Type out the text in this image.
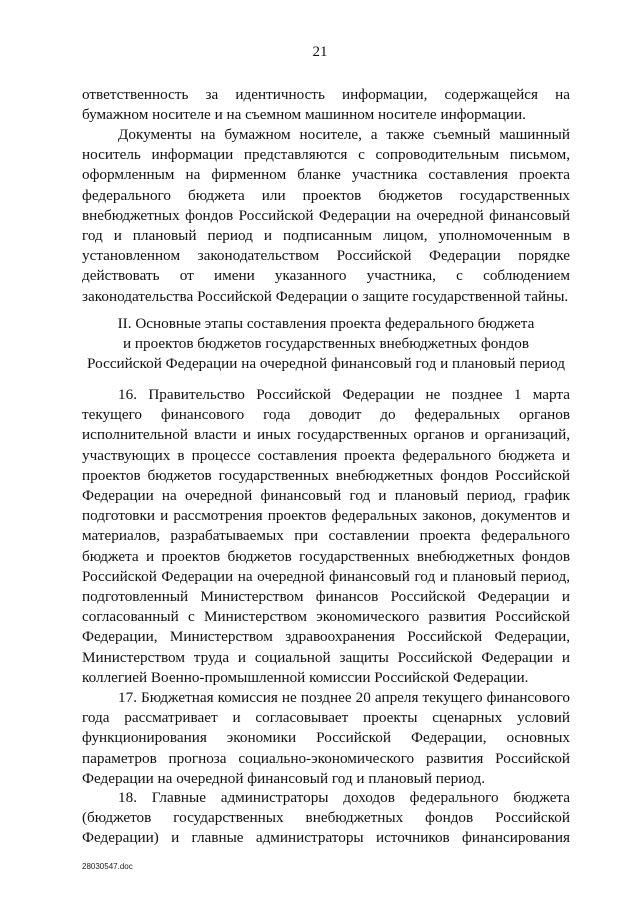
21
ответственность за идентичность информации, содержащейся на
бумажном носителе и на съемном машинном носителе информации.
Документы на бумажном носителе, а также съемный машинный
носитель информации представляются с сопроводительным письмом,
оформленным на фирменном бланке участника составления проекта
федерального бюджета или проектов бюджетов государственных
внебюджетных фондов Российской Федерации на очередной финансовый
год и плановый период и подписанным лицом, уполномоченным в
установленном законодательством Российской Федерации порядке
действовать от имени указанного участника, с соблюдением
законодательства Российской Федерации о защите государственной тайны.
II. Основные этапы составления проекта федерального бюджета
и проектов бюджетов государственных внебюджетных фондов
Российской Федерации на очередной финансовый год и плановый период
16. Правительство Российской Федерации не позднее 1 марта
текущего финансового года доводит до федеральных органов
исполнительной власти и иных государственных органов и организаций,
участвующих в процессе составления проекта федерального бюджета и
проектов бюджетов государственных внебюджетных фондов Российской
Федерации на очередной финансовый год и плановый период, график
подготовки и рассмотрения проектов федеральных законов, документов и
материалов, разрабатываемых при составлении проекта федерального
бюджета и проектов бюджетов государственных внебюджетных фондов
Российской Федерации на очередной финансовый год и плановый период,
подготовленный Министерством финансов Российской Федерации и
согласованный с Министерством экономического развития Российской
Федерации, Министерством здравоохранения Российской Федерации,
Министерством труда и социальной защиты Российской Федерации и
коллегией Военно-промышленной комиссии Российской Федерации.
17. Бюджетная комиссия не позднее 20 апреля текущего финансового
года рассматривает и согласовывает проекты сценарных условий
функционирования экономики Российской Федерации, основных
параметров прогноза социально-экономического развития Российской
Федерации на очередной финансовый год и плановый период.
18. Главные администраторы доходов федерального бюджета
(бюджетов государственных внебюджетных фондов Российской
Федерации) и главные администраторы источников финансирования
28030547.doc
